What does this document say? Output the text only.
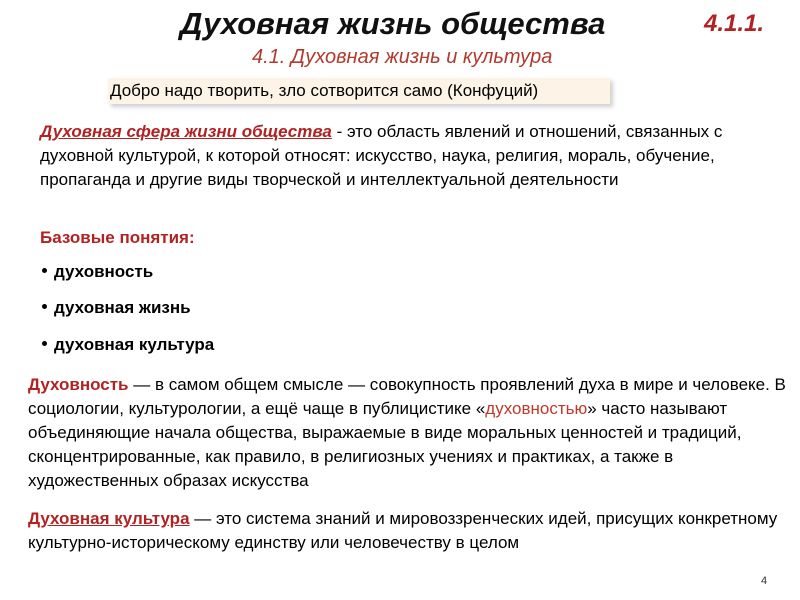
Духовная жизнь общества	4.1.1.
4.1. Духовная жизнь и культура
Добро надо творить, зло сотворится само (Конфуций)
Духовная сфера жизни общества - это область явлений и отношений, связанных с духовной культурой, к которой относят: искусство, наука, религия, мораль, обучение, пропаганда и другие виды творческой и интеллектуальной деятельности
Базовые понятия:
духовность
духовная жизнь
духовная культура
Духовность — в самом общем смысле — совокупность проявлений духа в мире и человеке. В социологии, культурологии, а ещё чаще в публицистике «духовностью» часто называют объединяющие начала общества, выражаемые в виде моральных ценностей и традиций, сконцентрированные, как правило, в религиозных учениях и практиках, а также в художественных образах искусства
Духовная культура — это система знаний и мировоззренческих идей, присущих конкретному культурно-историческому единству или человечеству в целом
4
